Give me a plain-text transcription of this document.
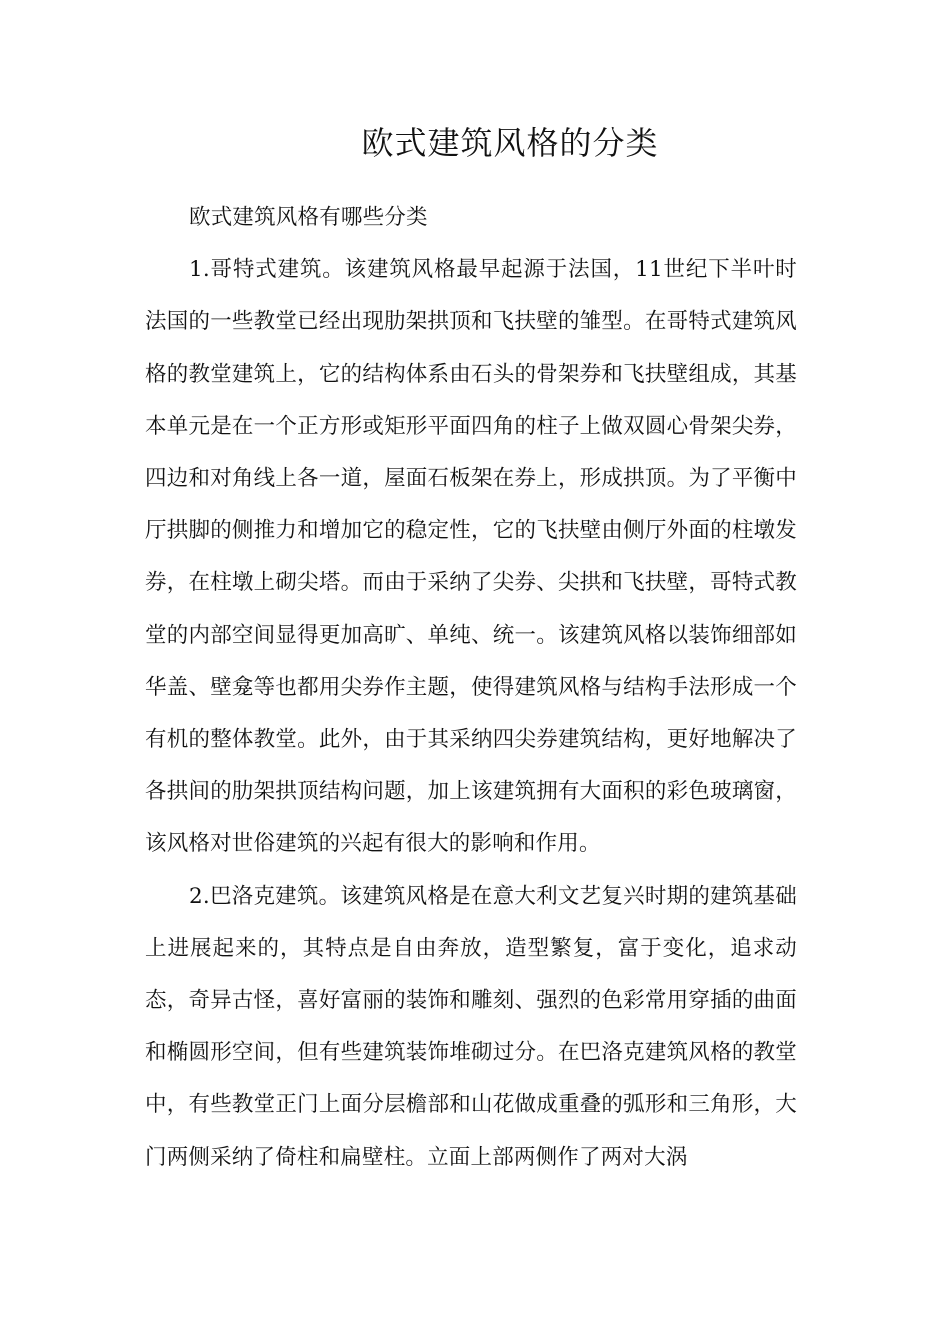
欧式建筑风格的分类

欧式建筑风格有哪些分类

1.哥特式建筑。该建筑风格最早起源于法国，11世纪下半叶时法国的一些教堂已经出现肋架拱顶和飞扶壁的雏型。在哥特式建筑风格的教堂建筑上，它的结构体系由石头的骨架券和飞扶壁组成，其基本单元是在一个正方形或矩形平面四角的柱子上做双圆心骨架尖券，四边和对角线上各一道，屋面石板架在券上，形成拱顶。为了平衡中厅拱脚的侧推力和增加它的稳定性，它的飞扶壁由侧厅外面的柱墩发券，在柱墩上砌尖塔。而由于采纳了尖券、尖拱和飞扶壁，哥特式教堂的内部空间显得更加高旷、单纯、统一。该建筑风格以装饰细部如华盖、壁龛等也都用尖券作主题，使得建筑风格与结构手法形成一个有机的整体教堂。此外，由于其采纳四尖券建筑结构，更好地解决了各拱间的肋架拱顶结构问题，加上该建筑拥有大面积的彩色玻璃窗，该风格对世俗建筑的兴起有很大的影响和作用。

2.巴洛克建筑。该建筑风格是在意大利文艺复兴时期的建筑基础上进展起来的，其特点是自由奔放，造型繁复，富于变化，追求动态，奇异古怪，喜好富丽的装饰和雕刻、强烈的色彩常用穿插的曲面和椭圆形空间，但有些建筑装饰堆砌过分。在巴洛克建筑风格的教堂中，有些教堂正门上面分层檐部和山花做成重叠的弧形和三角形，大门两侧采纳了倚柱和扁壁柱。立面上部两侧作了两对大涡
